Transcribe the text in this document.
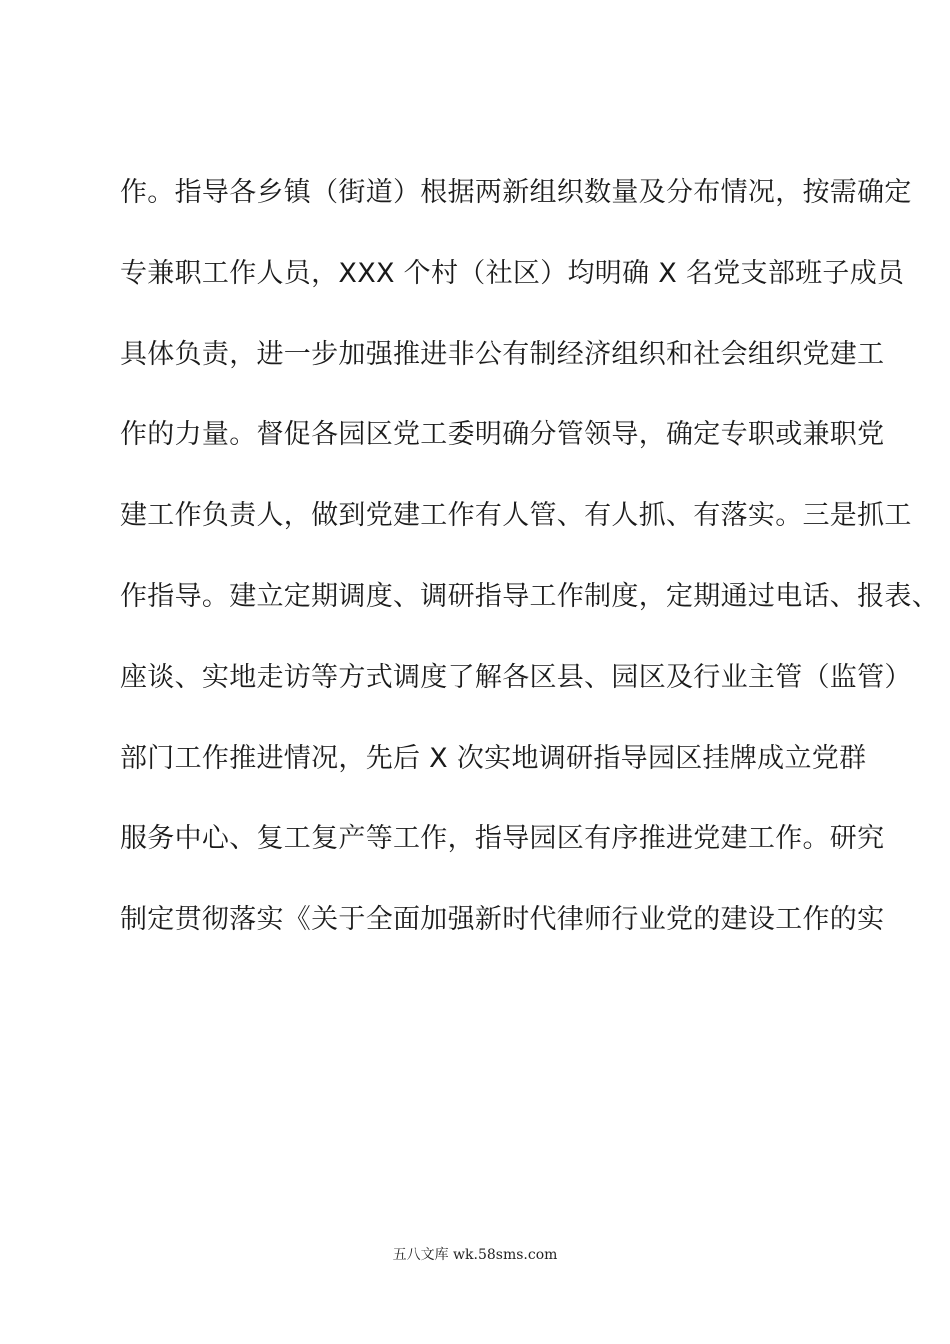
作。指导各乡镇（街道）根据两新组织数量及分布情况，按需确定
专兼职工作人员，XXX 个村（社区）均明确 X 名党支部班子成员
具体负责，进一步加强推进非公有制经济组织和社会组织党建工
作的力量。督促各园区党工委明确分管领导，确定专职或兼职党
建工作负责人，做到党建工作有人管、有人抓、有落实。三是抓工
作指导。建立定期调度、调研指导工作制度，定期通过电话、报表、
座谈、实地走访等方式调度了解各区县、园区及行业主管（监管）
部门工作推进情况，先后 X 次实地调研指导园区挂牌成立党群
服务中心、复工复产等工作，指导园区有序推进党建工作。研究
制定贯彻落实《关于全面加强新时代律师行业党的建设工作的实
五八文库 wk.58sms.com
